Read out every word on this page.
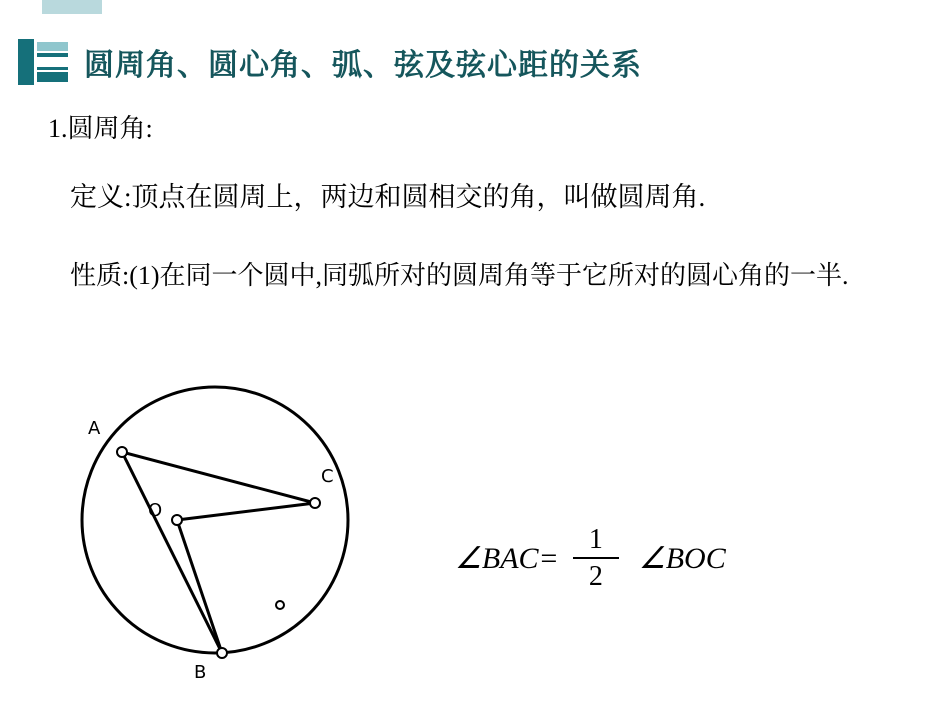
圆周角、圆心角、弧、弦及弦心距的关系
1.圆周角:
定义:顶点在圆周上，两边和圆相交的角，叫做圆周角.
性质:(1)在同一个圆中,同弧所对的圆周角等于它所对的圆心角的一半.
A
C
B
O
∠BAC= $\frac{1}{2}$ ∠BOC
